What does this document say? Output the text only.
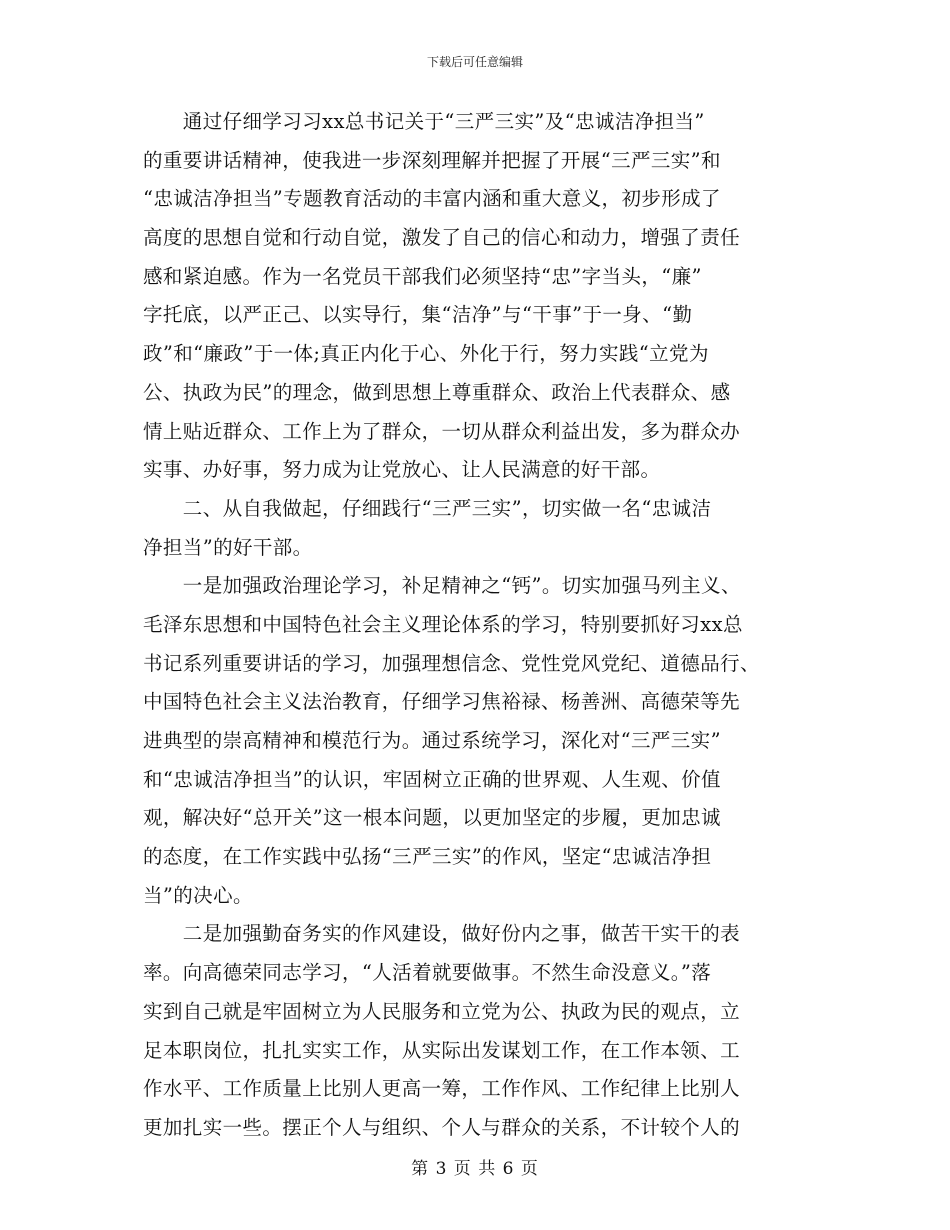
下载后可任意编辑
　　通过仔细学习习xx总书记关于“三严三实”及“忠诚洁净担当”
的重要讲话精神，使我进一步深刻理解并把握了开展“三严三实”和
“忠诚洁净担当”专题教育活动的丰富内涵和重大意义，初步形成了
高度的思想自觉和行动自觉，激发了自己的信心和动力，增强了责任
感和紧迫感。作为一名党员干部我们必须坚持“忠”字当头，“廉”
字托底，以严正己、以实导行，集“洁净”与“干事”于一身、“勤
政”和“廉政”于一体;真正内化于心、外化于行，努力实践“立党为
公、执政为民”的理念，做到思想上尊重群众、政治上代表群众、感
情上贴近群众、工作上为了群众，一切从群众利益出发，多为群众办
实事、办好事，努力成为让党放心、让人民满意的好干部。
　　二、从自我做起，仔细践行“三严三实”，切实做一名“忠诚洁
净担当”的好干部。
　　一是加强政治理论学习，补足精神之“钙”。切实加强马列主义、
毛泽东思想和中国特色社会主义理论体系的学习，特别要抓好习xx总
书记系列重要讲话的学习，加强理想信念、党性党风党纪、道德品行、
中国特色社会主义法治教育，仔细学习焦裕禄、杨善洲、高德荣等先
进典型的崇高精神和模范行为。通过系统学习，深化对“三严三实”
和“忠诚洁净担当”的认识，牢固树立正确的世界观、人生观、价值
观，解决好“总开关”这一根本问题，以更加坚定的步履，更加忠诚
的态度，在工作实践中弘扬“三严三实”的作风，坚定“忠诚洁净担
当”的决心。
　　二是加强勤奋务实的作风建设，做好份内之事，做苦干实干的表
率。向高德荣同志学习，“人活着就要做事。不然生命没意义。”落
实到自己就是牢固树立为人民服务和立党为公、执政为民的观点，立
足本职岗位，扎扎实实工作，从实际出发谋划工作，在工作本领、工
作水平、工作质量上比别人更高一筹，工作作风、工作纪律上比别人
更加扎实一些。摆正个人与组织、个人与群众的关系，不计较个人的
第 3 页 共 6 页
